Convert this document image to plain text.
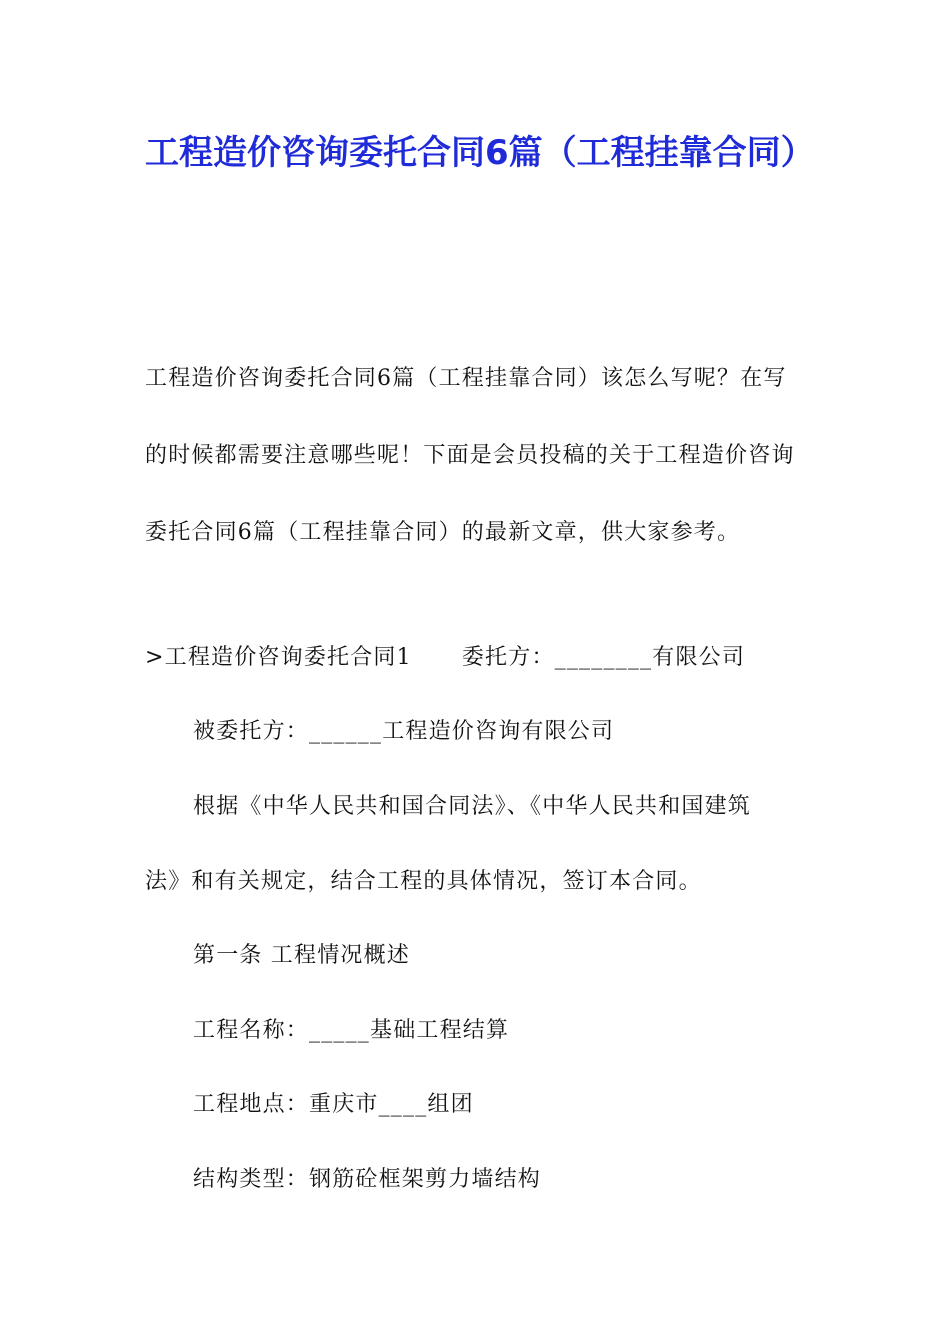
工程造价咨询委托合同6篇（工程挂靠合同）

工程造价咨询委托合同6篇（工程挂靠合同）该怎么写呢？在写的时候都需要注意哪些呢！下面是会员投稿的关于工程造价咨询委托合同6篇（工程挂靠合同）的最新文章，供大家参考。

>工程造价咨询委托合同1 委托方：________有限公司

被委托方：______工程造价咨询有限公司

根据《中华人民共和国合同法》、《中华人民共和国建筑

法》和有关规定，结合工程的具体情况，签订本合同。

第一条 工程情况概述

工程名称：_____基础工程结算

工程地点：重庆市____组团

结构类型：钢筋砼框架剪力墙结构
